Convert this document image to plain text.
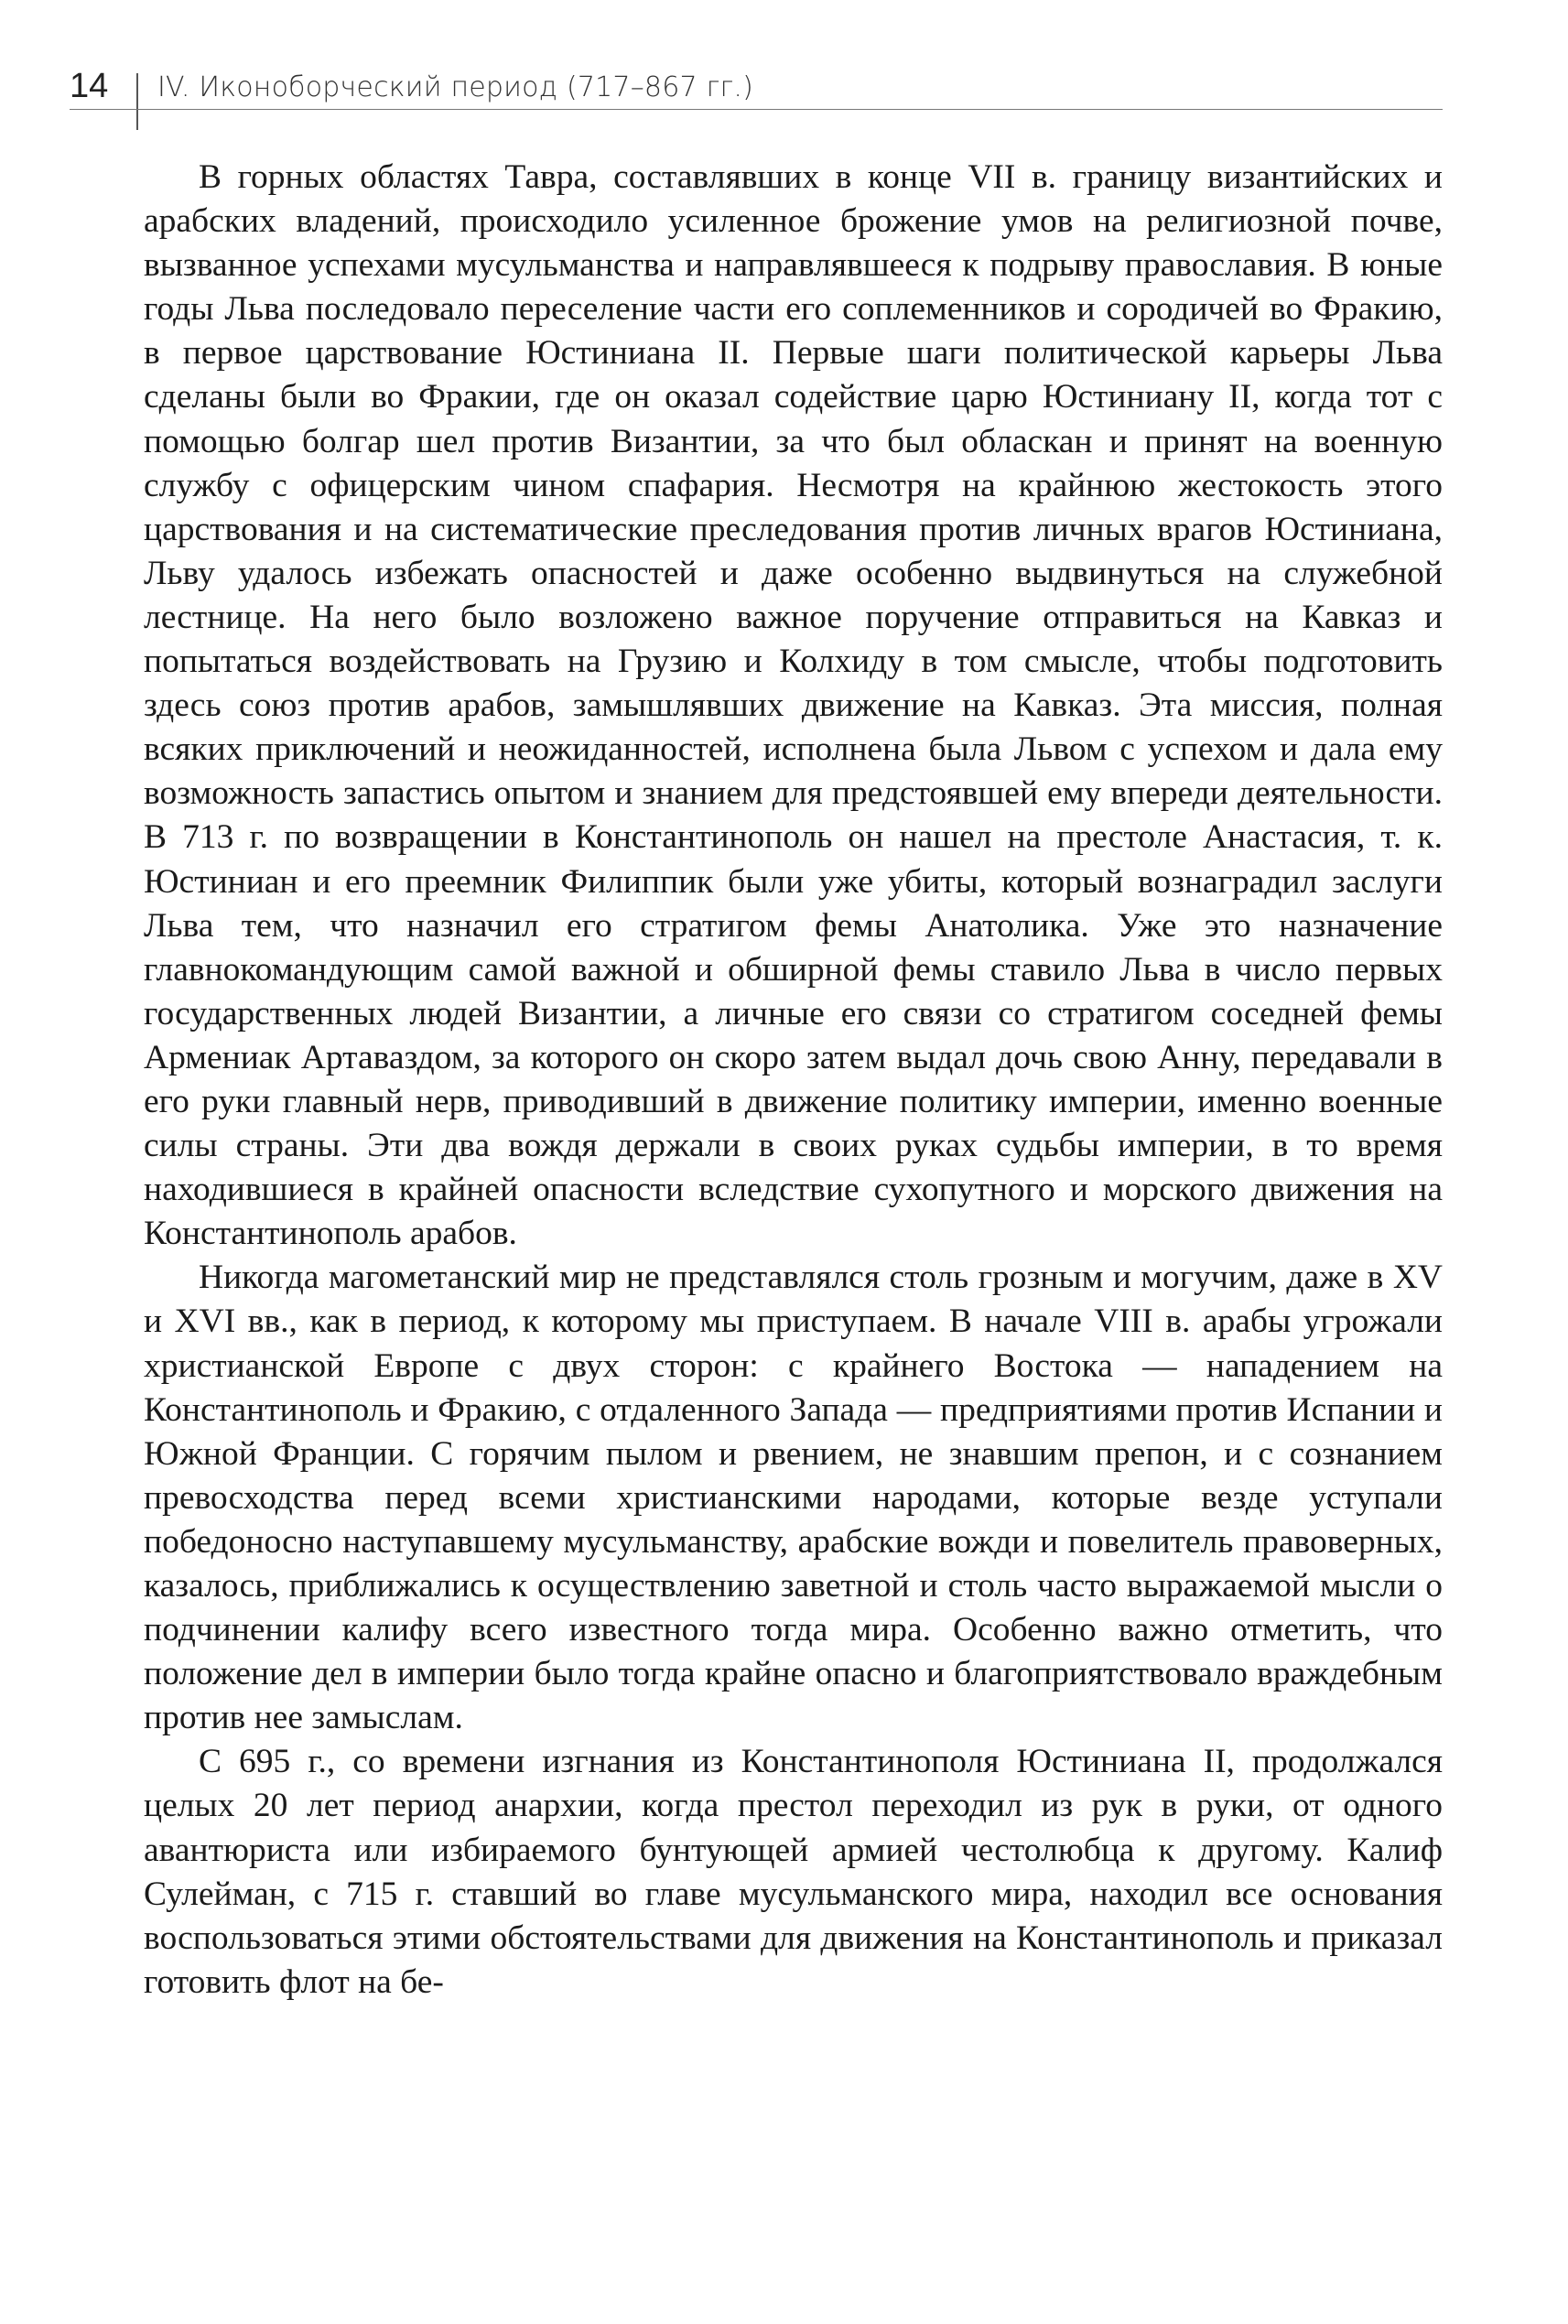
14 IV. Иконоборческий период (717–867 гг.)

В горных областях Тавра, составлявших в конце VII в. границу византийских и арабских владений, происходило усиленное брожение умов на религиозной почве, вызванное успехами мусульманства и направлявшееся к подрыву православия. В юные годы Льва последовало переселение части его соплеменников и сородичей во Фракию, в первое царствование Юстиниана II. Первые шаги политической карьеры Льва сделаны были во Фракии, где он оказал содействие царю Юстиниану II, когда тот с помощью болгар шел против Византии, за что был обласкан и принят на военную службу с офицерским чином спафария. Несмотря на крайнюю жестокость этого царствования и на систематические преследования против личных врагов Юстиниана, Льву удалось избежать опасностей и даже особенно выдвинуться на служебной лестнице. На него было возложено важное поручение отправиться на Кавказ и попытаться воздействовать на Грузию и Колхиду в том смысле, чтобы подготовить здесь союз против арабов, замышлявших движение на Кавказ. Эта миссия, полная всяких приключений и неожиданностей, исполнена была Львом с успехом и дала ему возможность запастись опытом и знанием для предстоявшей ему впереди деятельности. В 713 г. по возвращении в Константинополь он нашел на престоле Анастасия, т. к. Юстиниан и его преемник Филиппик были уже убиты, который вознаградил заслуги Льва тем, что назначил его стратигом фемы Анатолика. Уже это назначение главнокомандующим самой важной и обширной фемы ставило Льва в число первых государственных людей Византии, а личные его связи со стратигом соседней фемы Армениак Артаваздом, за которого он скоро затем выдал дочь свою Анну, передавали в его руки главный нерв, приводивший в движение политику империи, именно военные силы страны. Эти два вождя держали в своих руках судьбы империи, в то время находившиеся в крайней опасности вследствие сухопутного и морского движения на Константинополь арабов.

Никогда магометанский мир не представлялся столь грозным и могучим, даже в XV и XVI вв., как в период, к которому мы приступаем. В начале VIII в. арабы угрожали христианской Европе с двух сторон: с крайнего Востока — нападением на Константинополь и Фракию, с отдаленного Запада — предприятиями против Испании и Южной Франции. С горячим пылом и рвением, не знавшим препон, и с сознанием превосходства перед всеми христианскими народами, которые везде уступали победоносно наступавшему мусульманству, арабские вожди и повелитель правоверных, казалось, приближались к осуществлению заветной и столь часто выражаемой мысли о подчинении калифу всего известного тогда мира. Особенно важно отметить, что положение дел в империи было тогда крайне опасно и благоприятствовало враждебным против нее замыслам.

С 695 г., со времени изгнания из Константинополя Юстиниана II, продолжался целых 20 лет период анархии, когда престол переходил из рук в руки, от одного авантюриста или избираемого бунтующей армией честолюбца к другому. Калиф Сулейман, с 715 г. ставший во главе мусульманского мира, находил все основания воспользоваться этими обстоятельствами для движения на Константинополь и приказал готовить флот на бе-
